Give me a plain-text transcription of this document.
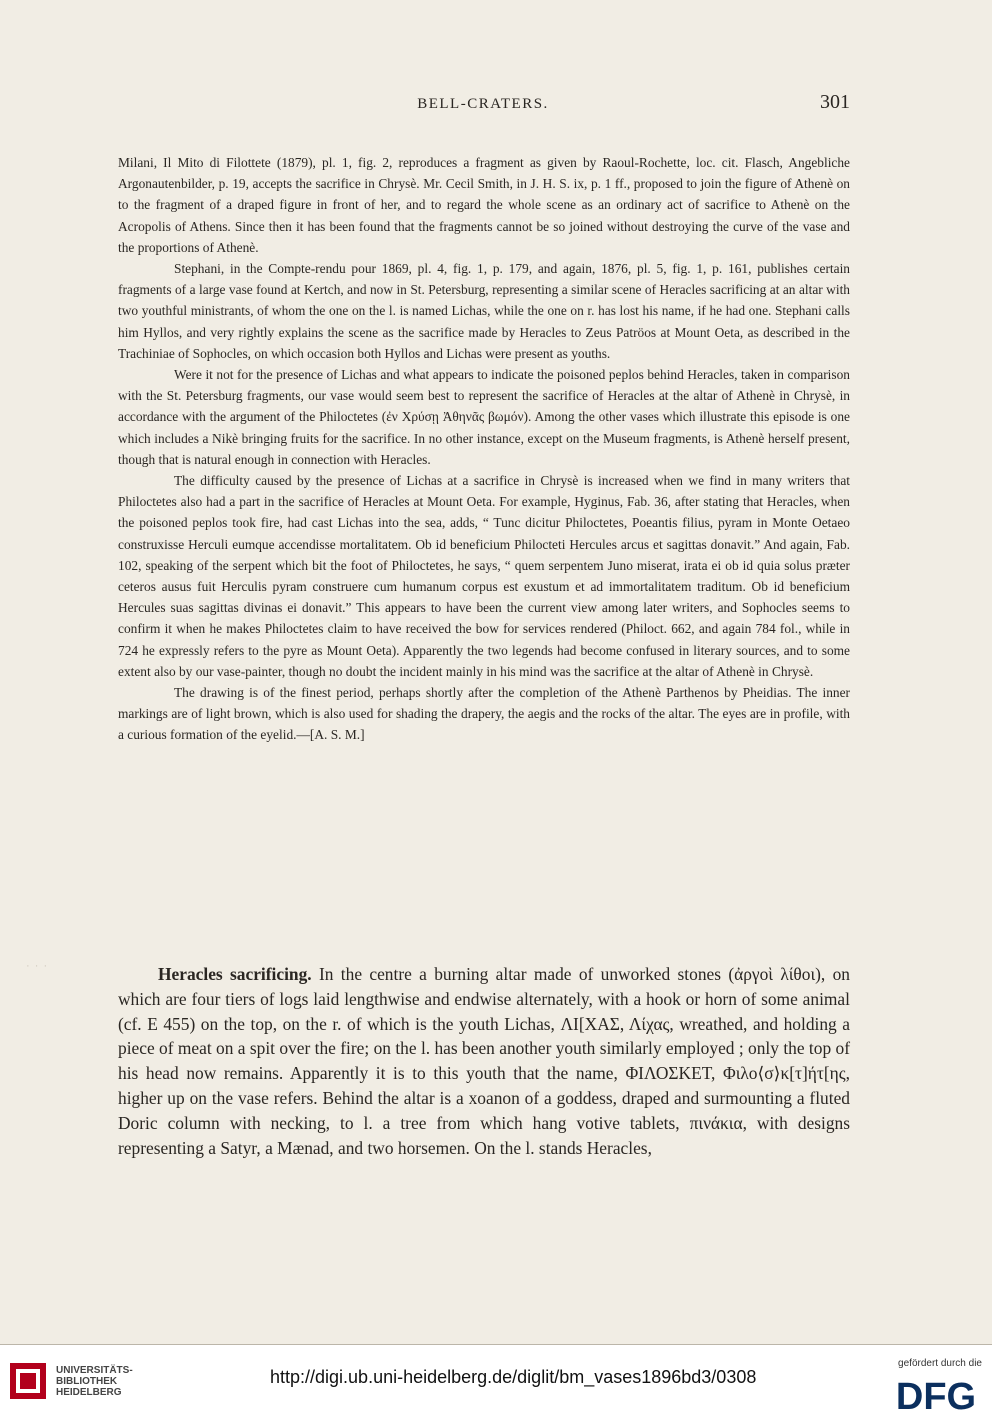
BELL-CRATERS.	301
· · ·

Milani, Il Mito di Filottete (1879), pl. 1, fig. 2, reproduces a fragment as given by Raoul-Rochette, loc. cit. Flasch, Angebliche Argonautenbilder, p. 19, accepts the sacrifice in Chrysè. Mr. Cecil Smith, in J. H. S. ix, p. 1 ff., proposed to join the figure of Athenè on to the fragment of a draped figure in front of her, and to regard the whole scene as an ordinary act of sacrifice to Athenè on the Acropolis of Athens. Since then it has been found that the fragments cannot be so joined without destroying the curve of the vase and the proportions of Athenè.

Stephani, in the Compte-rendu pour 1869, pl. 4, fig. 1, p. 179, and again, 1876, pl. 5, fig. 1, p. 161, publishes certain fragments of a large vase found at Kertch, and now in St. Petersburg, representing a similar scene of Heracles sacrificing at an altar with two youthful ministrants, of whom the one on the l. is named Lichas, while the one on r. has lost his name, if he had one. Stephani calls him Hyllos, and very rightly explains the scene as the sacrifice made by Heracles to Zeus Patröos at Mount Oeta, as described in the Trachiniae of Sophocles, on which occasion both Hyllos and Lichas were present as youths.

Were it not for the presence of Lichas and what appears to indicate the poisoned peplos behind Heracles, taken in comparison with the St. Petersburg fragments, our vase would seem best to represent the sacrifice of Heracles at the altar of Athenè in Chrysè, in accordance with the argument of the Philoctetes (ἐν Χρύσῃ Ἀθηνᾶς βωμόν). Among the other vases which illustrate this episode is one which includes a Nikè bringing fruits for the sacrifice. In no other instance, except on the Museum fragments, is Athenè herself present, though that is natural enough in connection with Heracles.

The difficulty caused by the presence of Lichas at a sacrifice in Chrysè is increased when we find in many writers that Philoctetes also had a part in the sacrifice of Heracles at Mount Oeta. For example, Hyginus, Fab. 36, after stating that Heracles, when the poisoned peplos took fire, had cast Lichas into the sea, adds, “ Tunc dicitur Philoctetes, Poeantis filius, pyram in Monte Oetaeo construxisse Herculi eumque accendisse mortalitatem. Ob id beneficium Philocteti Hercules arcus et sagittas donavit.” And again, Fab. 102, speaking of the serpent which bit the foot of Philoctetes, he says, “ quem serpentem Juno miserat, irata ei ob id quia solus præter ceteros ausus fuit Herculis pyram construere cum humanum corpus est exustum et ad immortalitatem traditum. Ob id beneficium Hercules suas sagittas divinas ei donavit.” This appears to have been the current view among later writers, and Sophocles seems to confirm it when he makes Philoctetes claim to have received the bow for services rendered (Philoct. 662, and again 784 fol., while in 724 he expressly refers to the pyre as Mount Oeta). Apparently the two legends had become confused in literary sources, and to some extent also by our vase-painter, though no doubt the incident mainly in his mind was the sacrifice at the altar of Athenè in Chrysè.

The drawing is of the finest period, perhaps shortly after the completion of the Athenè Parthenos by Pheidias. The inner markings are of light brown, which is also used for shading the drapery, the aegis and the rocks of the altar. The eyes are in profile, with a curious formation of the eyelid.—[A. S. M.]

Heracles sacrificing. In the centre a burning altar made of unworked stones (ἀργοὶ λίθοι), on which are four tiers of logs laid lengthwise and endwise alternately, with a hook or horn of some animal (cf. E 455) on the top, on the r. of which is the youth Lichas, ΛΙ[ΧΑΣ, Λίχας, wreathed, and holding a piece of meat on a spit over the fire; on the l. has been another youth similarly employed ; only the top of his head now remains. Apparently it is to this youth that the name, ΦΙΛΟΣΚΕΤ, Φιλο⟨σ⟩κ[τ]ήτ[ης, higher up on the vase refers. Behind the altar is a xoanon of a goddess, draped and surmounting a fluted Doric column with necking, to l. a tree from which hang votive tablets, πινάκια, with designs representing a Satyr, a Mænad, and two horsemen. On the l. stands Heracles,

UNIVERSITÄTS-
BIBLIOTHEK
HEIDELBERG
http://digi.ub.uni-heidelberg.de/diglit/bm_vases1896bd3/0308
gefördert durch die
DFG
